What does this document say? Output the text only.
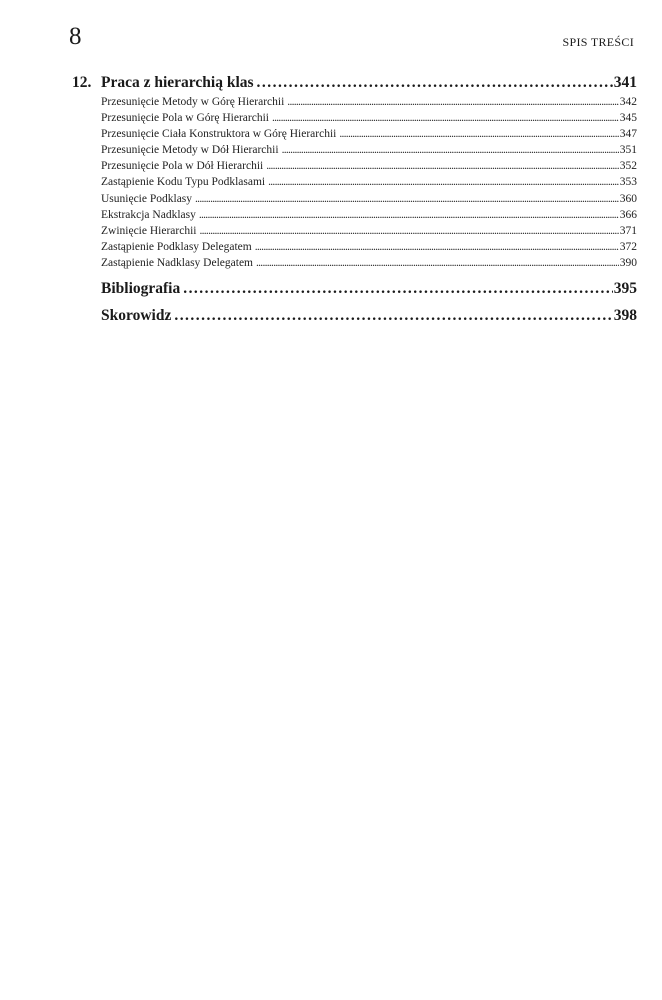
8	SPIS TREŚCI
12. Praca z hierarchią klas . . .	341
Przesunięcie Metody w Górę Hierarchii . . .	342
Przesunięcie Pola w Górę Hierarchii . . .	345
Przesunięcie Ciała Konstruktora w Górę Hierarchii . . .	347
Przesunięcie Metody w Dół Hierarchii . . .	351
Przesunięcie Pola w Dół Hierarchii . . .	352
Zastąpienie Kodu Typu Podklasami . . .	353
Usunięcie Podklasy . . .	360
Ekstrakcja Nadklasy . . .	366
Zwinięcie Hierarchii . . .	371
Zastąpienie Podklasy Delegatem . . .	372
Zastąpienie Nadklasy Delegatem . . .	390
Bibliografia . . .	395
Skorowidz . . .	398
